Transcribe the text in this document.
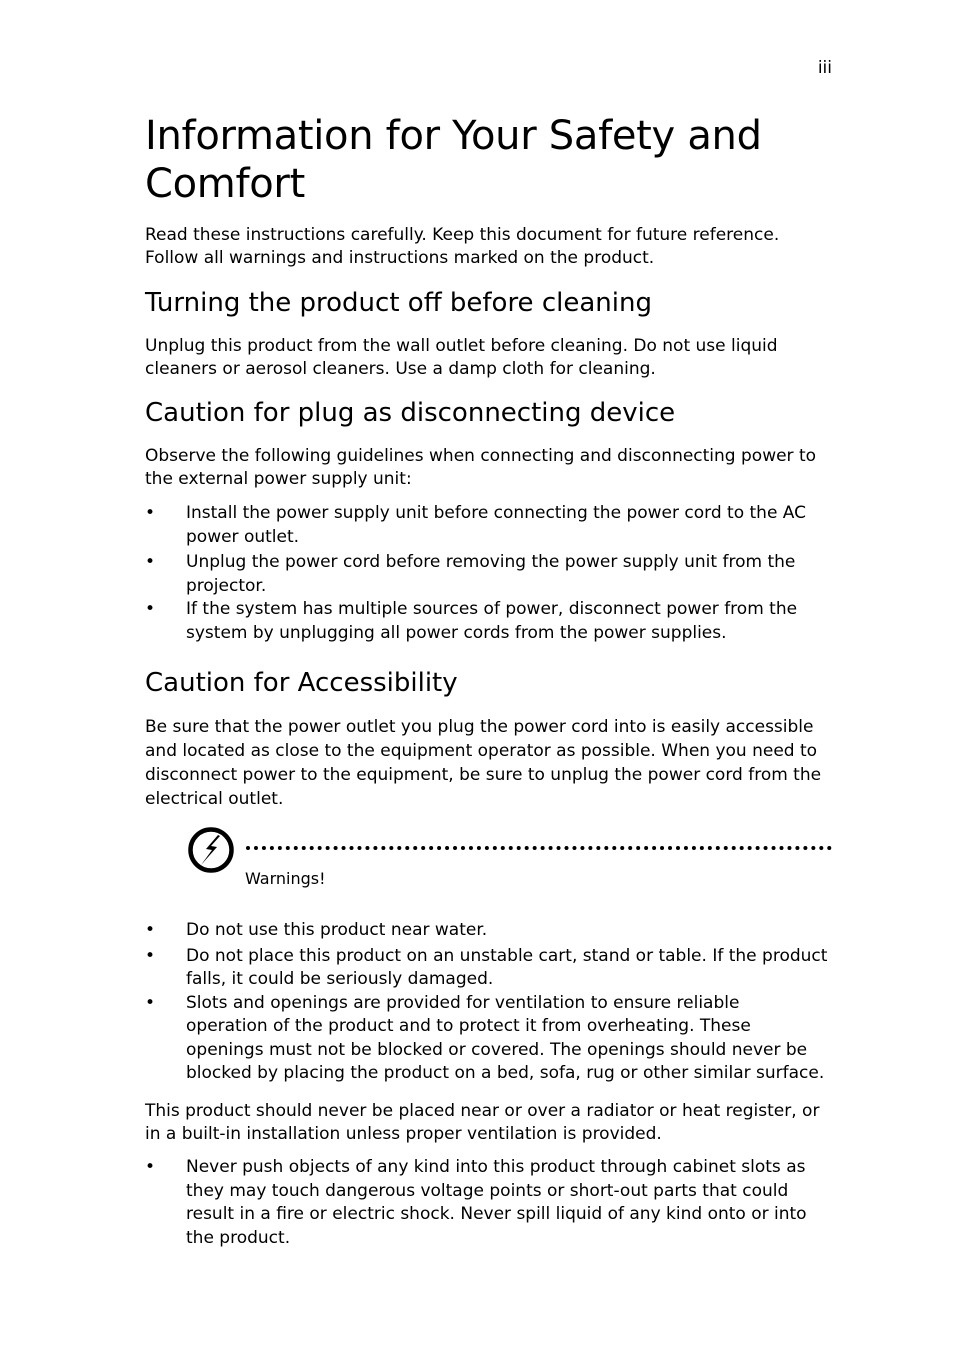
iii
Information for Your Safety and Comfort

Read these instructions carefully. Keep this document for future reference.
Follow all warnings and instructions marked on the product.

Turning the product off before cleaning

Unplug this product from the wall outlet before cleaning. Do not use liquid
cleaners or aerosol cleaners. Use a damp cloth for cleaning.

Caution for plug as disconnecting device

Observe the following guidelines when connecting and disconnecting power to
the external power supply unit:

• Install the power supply unit before connecting the power cord to the AC
power outlet.
• Unplug the power cord before removing the power supply unit from the
projector.
• If the system has multiple sources of power, disconnect power from the
system by unplugging all power cords from the power supplies.
Caution for Accessibility

Be sure that the power outlet you plug the power cord into is easily accessible
and located as close to the equipment operator as possible. When you need to
disconnect power to the equipment, be sure to unplug the power cord from the
electrical outlet.

Warnings!
• Do not use this product near water.
• Do not place this product on an unstable cart, stand or table. If the product
falls, it could be seriously damaged.
• Slots and openings are provided for ventilation to ensure reliable
operation of the product and to protect it from overheating. These
openings must not be blocked or covered. The openings should never be
blocked by placing the product on a bed, sofa, rug or other similar surface.

This product should never be placed near or over a radiator or heat register, or
in a built-in installation unless proper ventilation is provided.

• Never push objects of any kind into this product through cabinet slots as
they may touch dangerous voltage points or short-out parts that could
result in a fire or electric shock. Never spill liquid of any kind onto or into
the product.
